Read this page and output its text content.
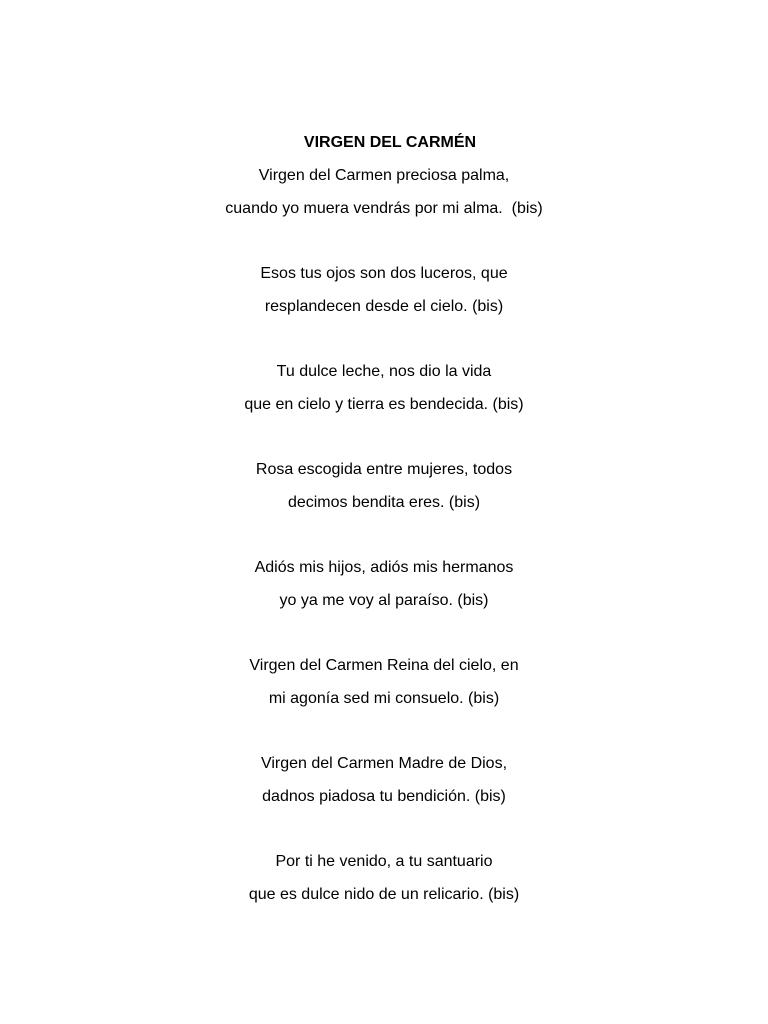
VIRGEN DEL CARMÉN
Virgen del Carmen preciosa palma,
cuando yo muera vendrás por mi alma.  (bis)
Esos tus ojos son dos luceros, que
resplandecen desde el cielo. (bis)
Tu dulce leche, nos dio la vida
que en cielo y tierra es bendecida. (bis)
Rosa escogida entre mujeres, todos
decimos bendita eres. (bis)
Adiós mis hijos, adiós mis hermanos
yo ya me voy al paraíso. (bis)
Virgen del Carmen Reina del cielo, en
mi agonía sed mi consuelo. (bis)
Virgen del Carmen Madre de Dios,
dadnos piadosa tu bendición. (bis)
Por ti he venido, a tu santuario
que es dulce nido de un relicario. (bis)
